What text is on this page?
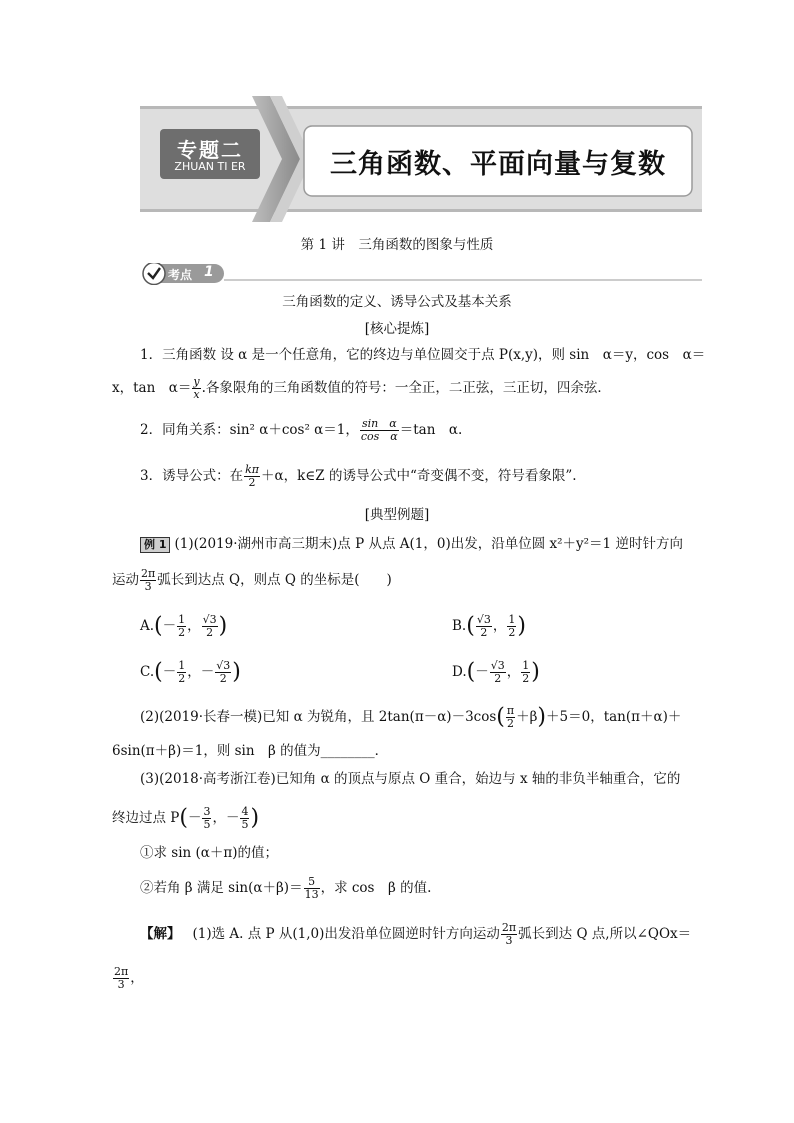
专题二
ZHUAN TI ER	三角函数、平面向量与复数
第 1 讲　三角函数的图象与性质
考点 1
三角函数的定义、诱导公式及基本关系
[核心提炼]
1．三角函数 设 α 是一个任意角，它的终边与单位圆交于点 P(x,y)，则 sin　α＝y，cos　α＝
x，tan　$\alpha= \frac{y}{x}$ .各象限角的三角函数值的符号：一全正，二正弦，三正切，四余弦．
2．同角关系：sin² α＋cos² α＝1， $\frac{\text{sin　α}}{\text{cos　α}} =\tan$　α.
3．诱导公式：在 $\frac{k\pi}{2} +\alpha$，k∈Z 的诱导公式中“奇变偶不变，符号看象限”.
[典型例题]
例 1 (1)(2019·湖州市高三期末)点 P 从点 A(1，0)出发，沿单位圆 x²＋y²＝1 逆时针方向
运动 $\frac{2\pi}{3}$ 弧长到达点 Q，则点 Q 的坐标是(　　)
$A.(- \frac{1}{2}$ ， $\frac{√3}{2}$ )	$B.( \frac{√3}{2}$ ， $\frac{1}{2}$ )
$C.(- \frac{1}{2}$ ，－ $\frac{√3}{2}$ )	$D.(- \frac{√3}{2}$ ， $\frac{1}{2}$ )
(2)(2019·长春一模)已知 α 为锐角，且 $2\tan(\pi-\alpha)-3\cos( \frac{\pi}{2} +\beta)+5=0$，tan(π＋α)＋
6sin(π＋β)＝1，则 sin　β 的值为________．
(3)(2018·高考浙江卷)已知角 α 的顶点与原点 O 重合，始边与 x 轴的非负半轴重合，它的
终边过点 $P(- \frac{3}{5}$ ，－ $\frac{4}{5}$ )
①求 sin (α＋π)的值；
②若角 β 满足 $\sin(\alpha+\beta)= \frac{5}{13}$ ，求 cos　β 的值.
【解】 (1)选 A. 点 P 从(1,0)出发沿单位圆逆时针方向运动 $\frac{2\pi}{3}$ 弧长到达 Q 点,所以∠QOx＝
$\frac{2\pi}{3}$ ，
